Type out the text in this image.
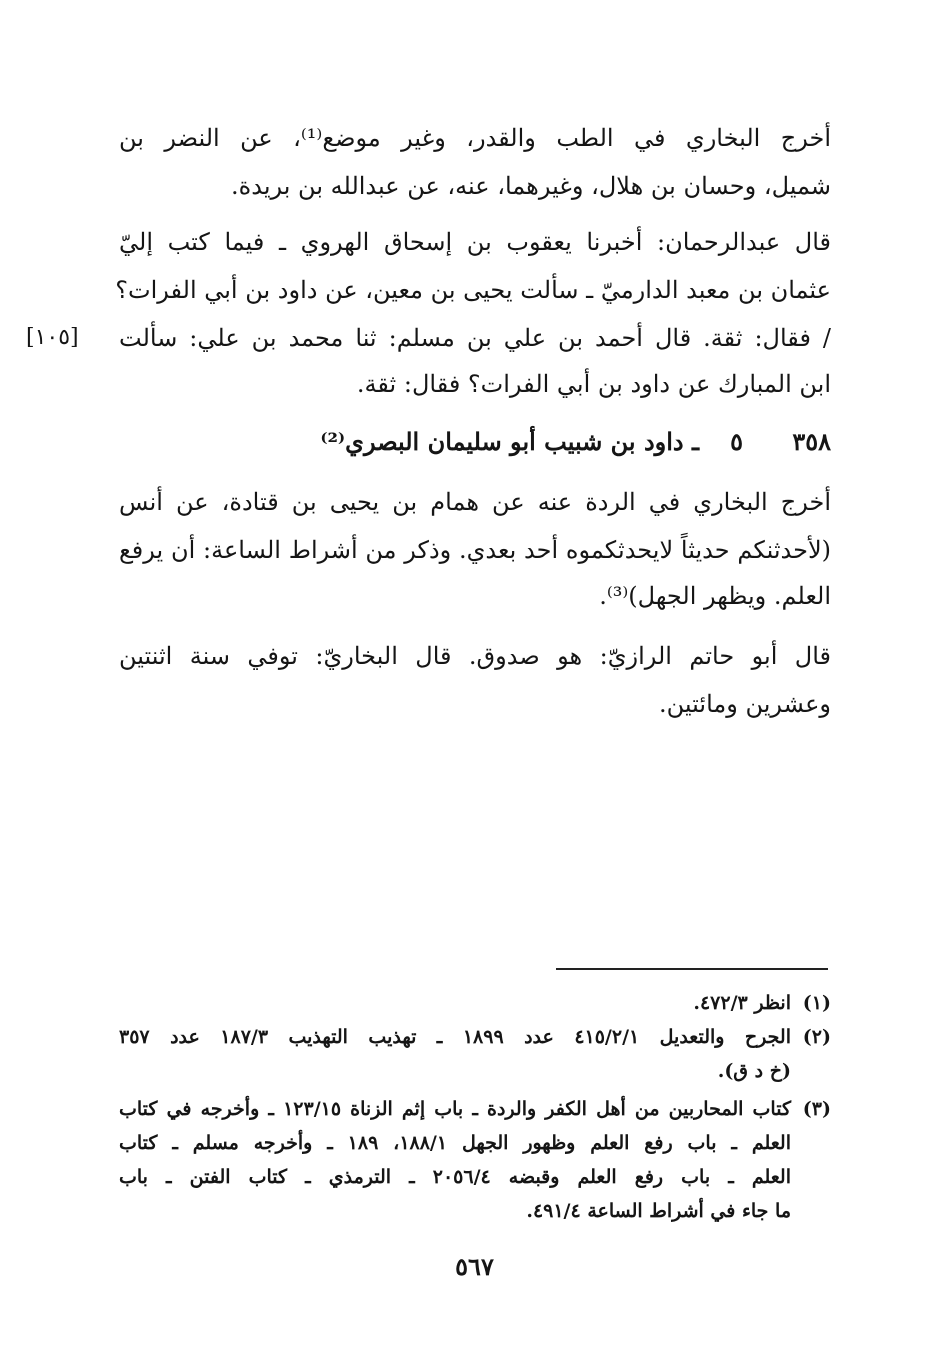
أخرج البخاري في الطب والقدر، وغير موضع⁽¹⁾، عن النضر بن
شميل، وحسان بن هلال، وغيرهما، عنه، عن عبدالله بن بريدة.
قال عبدالرحمان: أخبرنا يعقوب بن إسحاق الهروي ـ فيما كتب إليّ
عثمان بن معبد الدارميّ ـ سألت يحيى بن معين، عن داود بن أبي الفرات؟
/ فقال: ثقة. قال أحمد بن علي بن مسلم: ثنا محمد بن علي: سألت
ابن المبارك عن داود بن أبي الفرات؟ فقال: ثقة.
[١٠٥]
٣٥٨
٥
ـ داود بن شبيب أبو سليمان البصري⁽²⁾
أخرج البخاري في الردة عنه عن همام بن يحيى بن قتادة، عن أنس
(لأحدثنكم حديثاً لايحدثكموه أحد بعدي. وذكر من أشراط الساعة: أن يرفع
العلم. ويظهر الجهل)⁽³⁾.
قال أبو حاتم الرازيّ: هو صدوق. قال البخاريّ: توفي سنة اثنتين
وعشرين ومائتين.
(١)
انظر ٤٧٢/٣.
(٢)
الجرح والتعديل ٤١٥/٢/١ عدد ١٨٩٩ ـ تهذيب التهذيب ١٨٧/٣ عدد ٣٥٧
(خ د ق).
(٣)
كتاب المحاربين من أهل الكفر والردة ـ باب إثم الزناة ١٢٣/١٥ ـ وأخرجه في كتاب
العلم ـ باب رفع العلم وظهور الجهل ١٨٨/١، ١٨٩ ـ وأخرجه مسلم ـ كتاب
العلم ـ باب رفع العلم وقبضه ٢٠٥٦/٤ ـ الترمذي ـ كتاب الفتن ـ باب
ما جاء في أشراط الساعة ٤٩١/٤.
٥٦٧
